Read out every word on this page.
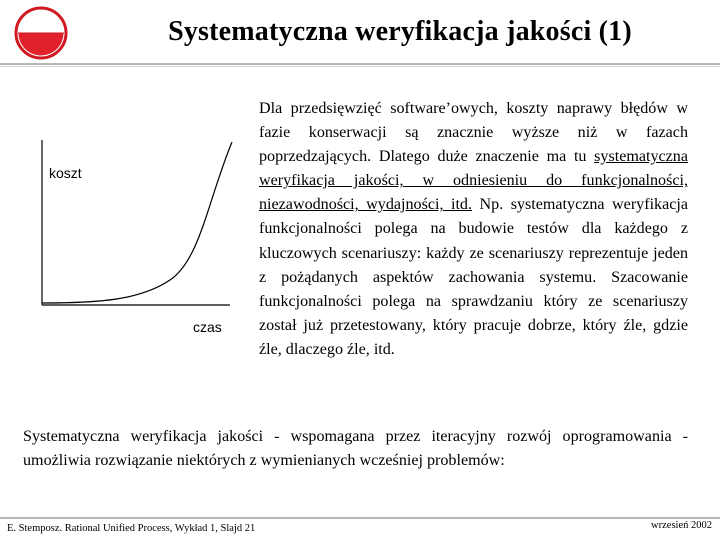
Systematyczna weryfikacja jakości (1)
koszt
czas

Dla przedsięwzięć software’owych, koszty naprawy błędów w fazie konserwacji są znacznie wyższe niż w fazach poprzedzających. Dlatego duże znaczenie ma tu systematyczna weryfikacja jakości, w odniesieniu do funkcjonalności, niezawodności, wydajności, itd. Np. systematyczna weryfikacja funkcjonalności polega na budowie testów dla każdego z kluczowych scenariuszy: każdy ze scenariuszy reprezentuje jeden z pożądanych aspektów zachowania systemu. Szacowanie funkcjonalności polega na sprawdzaniu który ze scenariuszy został już przetestowany, który pracuje dobrze, który źle, gdzie źle, dlaczego źle, itd.

Systematyczna weryfikacja jakości - wspomagana przez iteracyjny rozwój oprogramowania - umożliwia rozwiązanie niektórych z wymienianych wcześniej problemów:

E. Stemposz. Rational Unified Process, Wykład 1, Slajd 21	wrzesień 2002
